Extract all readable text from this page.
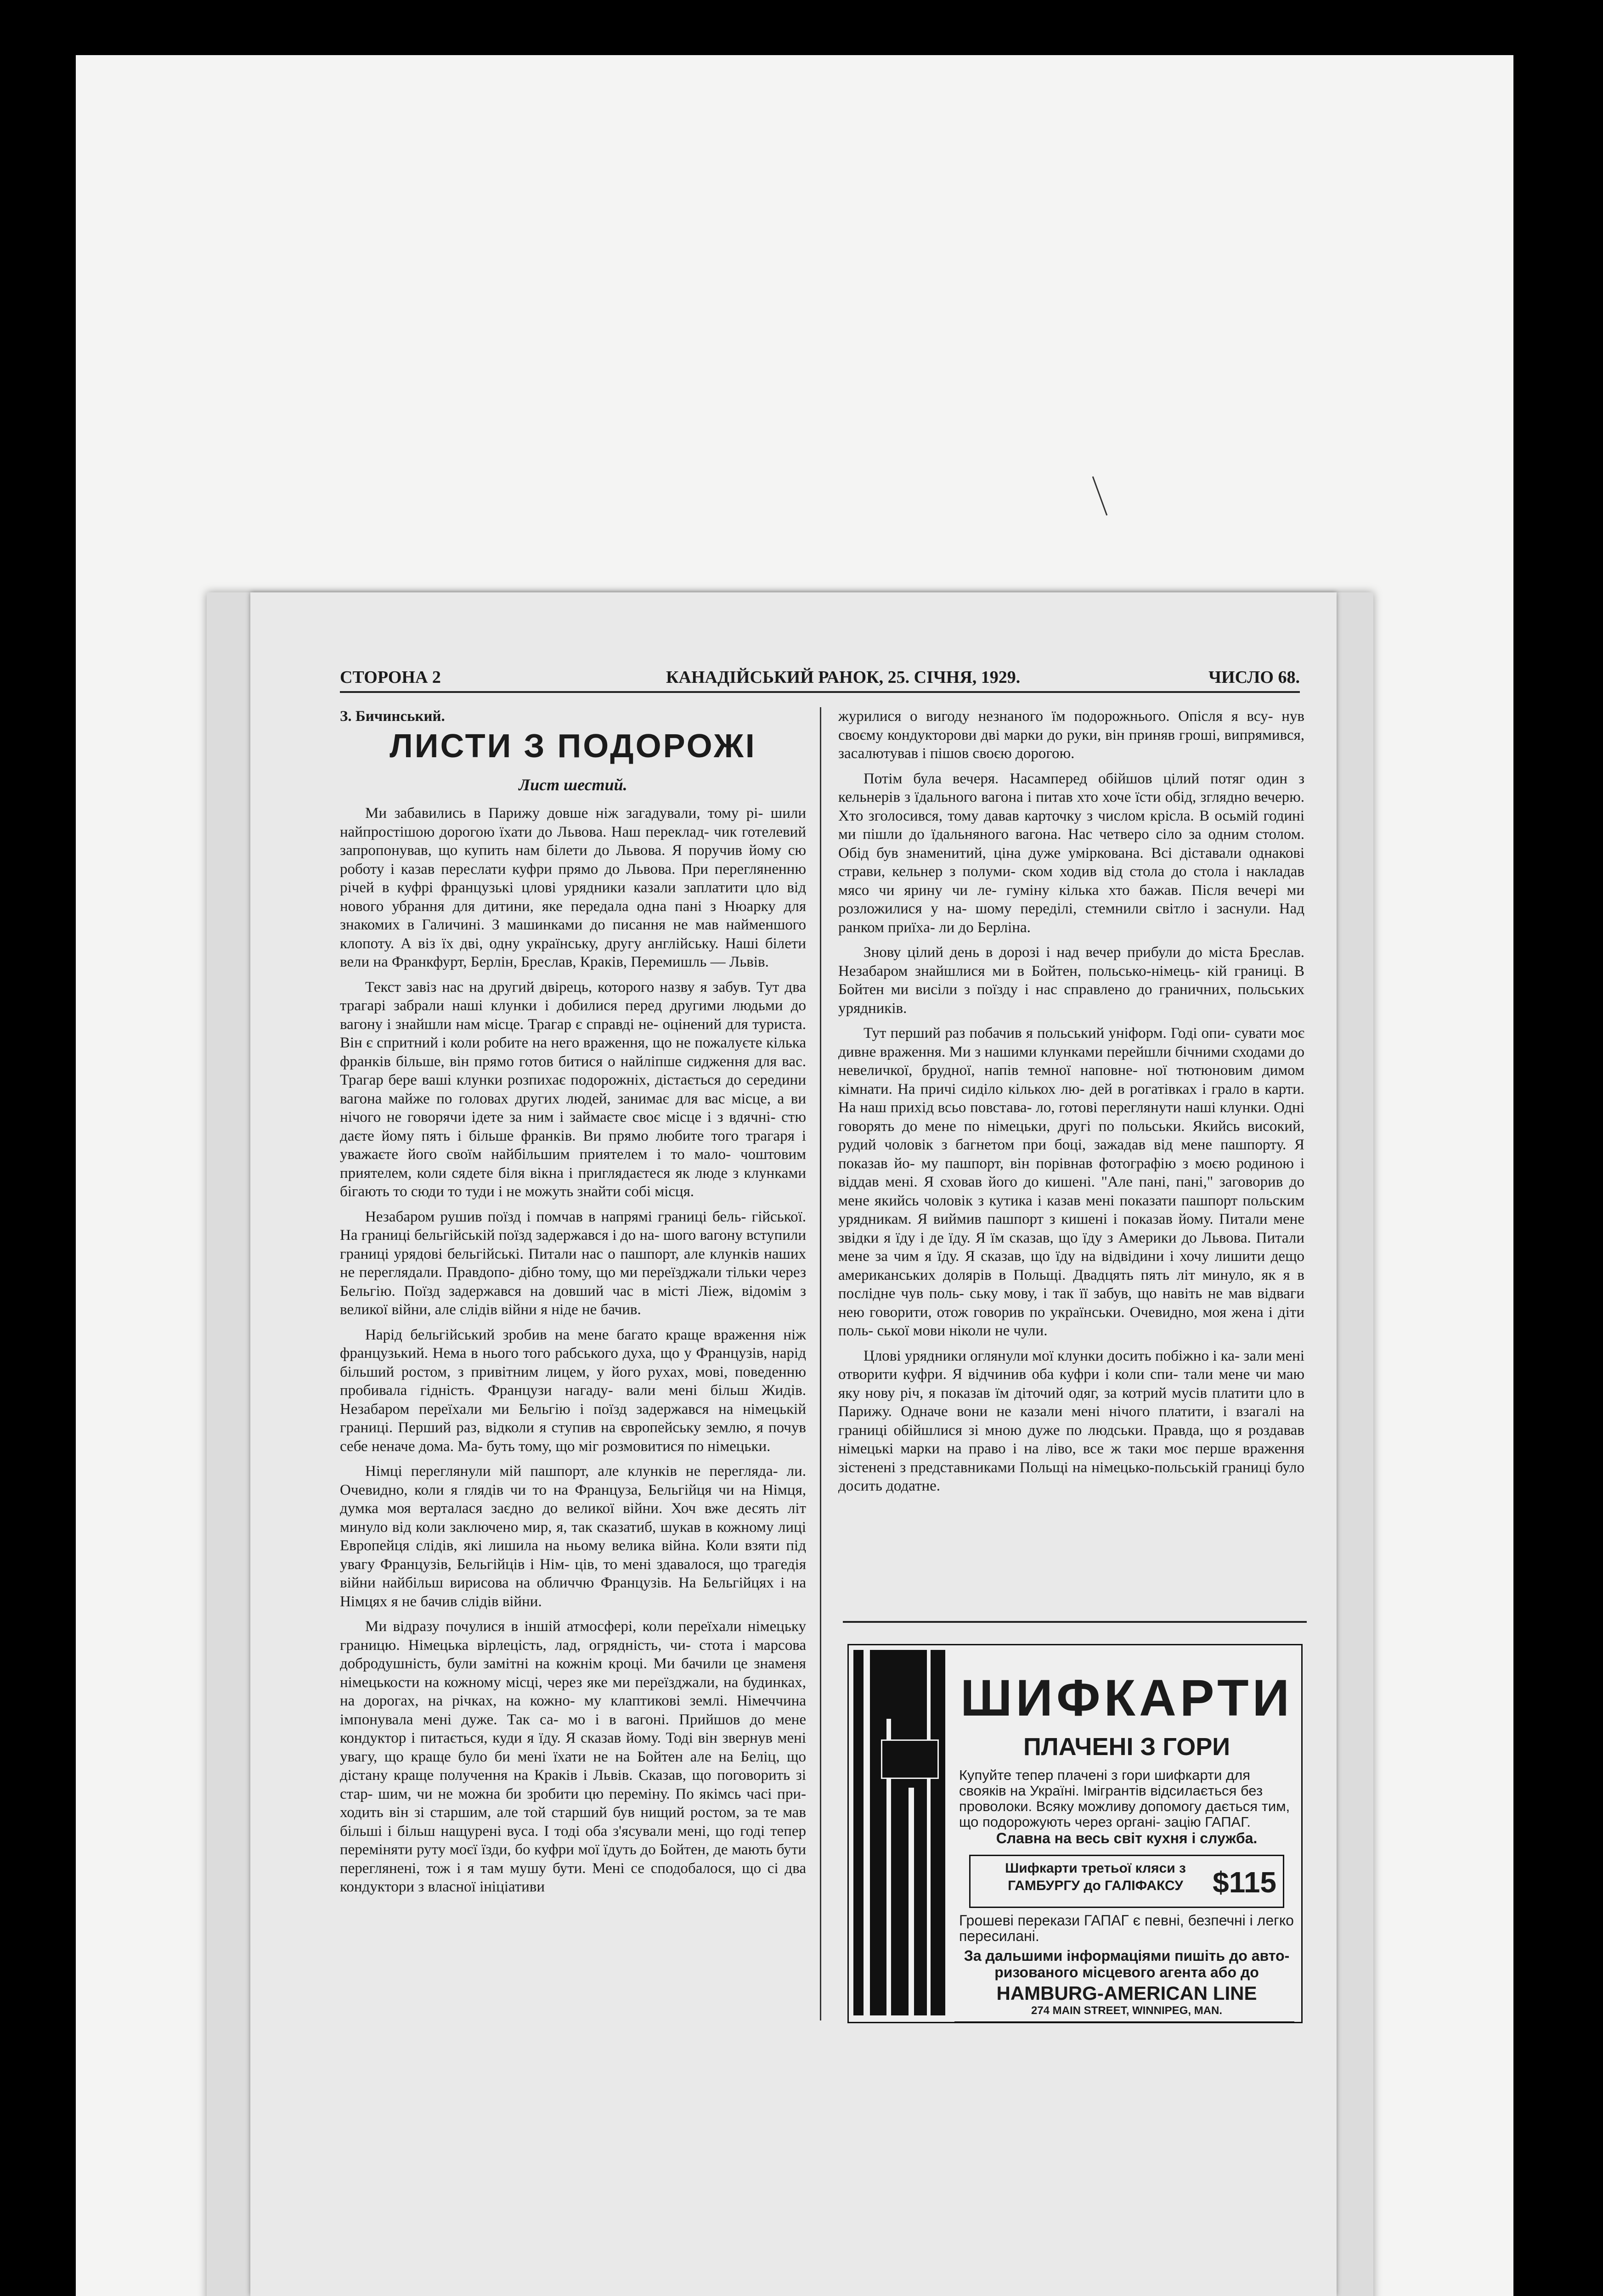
СТОРОНА 2	КАНАДІЙСЬКИЙ РАНОК, 25. СІЧНЯ, 1929.	ЧИСЛО 68.

З. Бичинський.

ЛИСТИ З ПОДОРОЖІ
Лист шестий.

Ми забавились в Парижу довше ніж загадували, тому рі- шили найпростішою дорогою їхати до Львова. Наш переклад- чик готелевий запропонував, що купить нам білети до Львова. Я поручив йому сю роботу і казав переслати куфри прямо до Львова. При перегляненню річей в куфрі французькі цлові урядники казали заплатити цло від нового убрання для дитини, яке передала одна пані з Нюарку для знакомих в Галичині. З машинками до писання не мав найменшого клопоту. А віз їх дві, одну українську, другу англійську. Наші білети вели на Франкфурт, Берлін, Бреслав, Краків, Перемишль — Львів.

Текст завіз нас на другий двірець, которого назву я забув. Тут два трагарі забрали наші клунки і добилися перед другими людьми до вагону і знайшли нам місце. Трагар є справді не- оцінений для туриста. Він є спритний і коли робите на него враження, що не пожалуєте кілька франків більше, він прямо готов битися о найліпше сидження для вас. Трагар бере ваші клунки розпихає подорожніх, дістається до середини вагона майже по головах других людей, занимає для вас місце, а ви нічого не говорячи ідете за ним і займаєте своє місце і з вдячні- стю даєте йому пять і більше франків. Ви прямо любите того трагаря і уважаєте його своїм найбільшим приятелем і то мало- чоштовим приятелем, коли сядете біля вікна і приглядаєтеся як люде з клунками бігають то сюди то туди і не можуть знайти собі місця.

Незабаром рушив поїзд і помчав в напрямі границі бель- гійської. На границі бельгійській поїзд задержався і до на- шого вагону вступили границі урядові бельгійські. Питали нас о пашпорт, але клунків наших не переглядали. Правдопо- дібно тому, що ми переїзджали тільки через Бельгію. Поїзд задержався на довший час в місті Ліеж, відомім з великої війни, але слідів війни я ніде не бачив.

Нарід бельгійський зробив на мене багато краще враження ніж французький. Нема в нього того рабського духа, що у Французів, нарід більший ростом, з привітним лицем, у його рухах, мові, поведенню пробивала гідність. Французи нагаду- вали мені більш Жидів. Незабаром переїхали ми Бельгію і поїзд задержався на німецькій границі. Перший раз, відколи я ступив на європейську землю, я почув себе неначе дома. Ма- буть тому, що міг розмовитися по німецьки.

Німці переглянули мій пашпорт, але клунків не перегляда- ли. Очевидно, коли я глядів чи то на Француза, Бельгійця чи на Німця, думка моя верталася заєдно до великої війни. Хоч вже десять літ минуло від коли заключено мир, я, так сказатиб, шукав в кожному лиці Европейця слідів, які лишила на ньому велика війна. Коли взяти під увагу Французів, Бельгійців і Нім- ців, то мені здавалося, що трагедія війни найбільш вирисова на обличчю Французів. На Бельгійцях і на Німцях я не бачив слідів війни.

Ми відразу почулися в іншій атмосфері, коли переїхали німецьку границю. Німецька вірлецість, лад, огрядність, чи- стота і марсова добродушність, були замітні на кожнім кроці. Ми бачили це знаменя німецькости на кожному місці, через яке ми переїзджали, на будинках, на дорогах, на річках, на кожно- му клаптикові землі. Німеччина імпонувала мені дуже. Так са- мо і в вагоні. Прийшов до мене кондуктор і питається, куди я їду. Я сказав йому. Тоді він звернув мені увагу, що краще було би мені їхати не на Бойтен але на Беліц, що дістану краще получення на Краків і Львів. Сказав, що поговорить зі стар- шим, чи не можна би зробити цю переміну. По якімсь часі при- ходить він зі старшим, але той старший був нищий ростом, за те мав більші і більш нащурені вуса. І тоді оба з'ясували мені, що годі тепер переміняти руту моєї їзди, бо куфри мої їдуть до Бойтен, де мають бути переглянені, тож і я там мушу бути. Мені се сподобалося, що сі два кондуктори з власної ініціативи

журилися о вигоду незнаного їм подорожнього. Опісля я всу- нув своєму кондукторови дві марки до руки, він приняв гроші, випрямився, засалютував і пішов своєю дорогою.

Потім була вечеря. Насамперед обійшов цілий потяг один з кельнерів з їдального вагона і питав хто хоче їсти обід, зглядно вечерю. Хто зголосився, тому давав карточку з числом крісла. В осьмій годині ми пішли до їдальняного вагона. Нас четверо сіло за одним столом. Обід був знаменитий, ціна дуже уміркована. Всі діставали однакові страви, кельнер з полуми- ском ходив від стола до стола і накладав мясо чи ярину чи ле- гуміну кілька хто бажав. Після вечері ми розложилися у на- шому переділі, стемнили світло і заснули. Над ранком приїха- ли до Берліна.

Знову цілий день в дорозі і над вечер прибули до міста Бреслав. Незабаром знайшлися ми в Бойтен, польсько-німець- кій границі. В Бойтен ми висіли з поїзду і нас справлено до граничних, польських урядників.

Тут перший раз побачив я польський уніформ. Годі опи- сувати моє дивне враження. Ми з нашими клунками перейшли бічними сходами до невеличкої, брудної, напів темної наповне- ної тютюновим димом кімнати. На причі сиділо кількох лю- дей в рогатівках і грало в карти. На наш прихід всьо повстава- ло, готові переглянути наші клунки. Одні говорять до мене по німецьки, другі по польськи. Якийсь високий, рудий чоловік з багнетом при боці, зажадав від мене пашпорту. Я показав йо- му пашпорт, він порівнав фотографію з моєю родиною і віддав мені. Я сховав його до кишені. "Але пані, пані," заговорив до мене якийсь чоловік з кутика і казав мені показати пашпорт польским урядникам. Я виймив пашпорт з кишені і показав йому. Питали мене звідки я їду і де їду. Я їм сказав, що їду з Америки до Львова. Питали мене за чим я їду. Я сказав, що їду на відвідини і хочу лишити дещо американських долярів в Польщі. Двадцять пять літ минуло, як я в послідне чув поль- ську мову, і так її забув, що навіть не мав відваги нею говорити, отож говорив по українськи. Очевидно, моя жена і діти поль- ської мови ніколи не чули.

Цлові урядники оглянули мої клунки досить побіжно і ка- зали мені отворити куфри. Я відчинив оба куфри і коли спи- тали мене чи маю яку нову річ, я показав їм діточий одяг, за котрий мусів платити цло в Парижу. Одначе вони не казали мені нічого платити, і взагалі на границі обійшлися зі мною дуже по людськи. Правда, що я роздавав німецькі марки на право і на ліво, все ж таки моє перше враження зістенені з представниками Польщі на німецько-польській границі було досить додатне.

ШИФКАРТИ
ПЛАЧЕНІ З ГОРИ
Купуйте тепер плачені з гори шифкарти для свояків на Україні. Імігрантів відсилається без проволоки. Всяку можливу допомогу дається тим, що подорожують через органі- зацію ГАПАГ.
Славна на весь світ кухня і служба.
Шифкарти третьої кляси з ГАМБУРГУ до ГАЛІФАКСУ	$115
Грошеві перекази ГАПАГ є певні, безпечні і легко пересилані.
За дальшими інформаціями пишіть до авто- ризованого місцевого агента або до
HAMBURG-AMERICAN LINE
274 MAIN STREET, WINNIPEG, MAN.
